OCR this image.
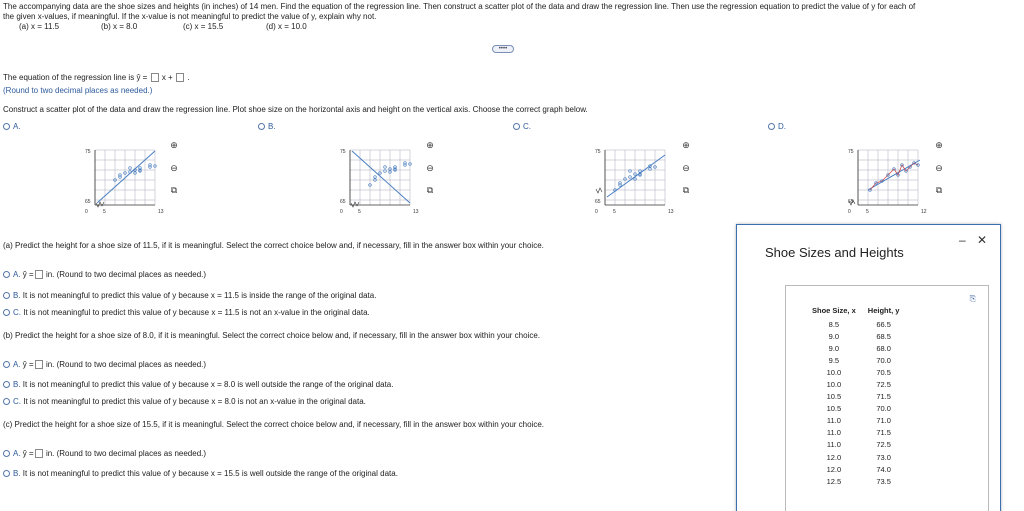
The accompanying data are the shoe sizes and heights (in inches) of 14 men. Find the equation of the regression line. Then construct a scatter plot of the data and draw the regression line. Then use the regression equation to predict the value of y for each of
the given x-values, if meaningful. If the x-value is not meaningful to predict the value of y, explain why not.
(a) x = 11.5	(b) x = 8.0	(c) x = 15.5	(d) x = 10.0
••••
The equation of the regression line is ŷ = x + .
(Round to two decimal places as needed.)
Construct a scatter plot of the data and draw the regression line. Plot shoe size on the horizontal axis and height on the vertical axis. Choose the correct graph below.
A.	B.	C.	D.
75
65
0	5	13
⊕
⊖
⧉
75
65
0	5	13
⊕
⊖
⧉
75
65
0	5	13
⊕
⊖
⧉
75
65
0	5	12
⊕
⊖
⧉
(a) Predict the height for a shoe size of 11.5, if it is meaningful. Select the correct choice below and, if necessary, fill in the answer box within your choice.
A. ŷ = in. (Round to two decimal places as needed.)
B. It is not meaningful to predict this value of y because x = 11.5 is inside the range of the original data.
C. It is not meaningful to predict this value of y because x = 11.5 is not an x-value in the original data.
(b) Predict the height for a shoe size of 8.0, if it is meaningful. Select the correct choice below and, if necessary, fill in the answer box within your choice.
A. ŷ = in. (Round to two decimal places as needed.)
B. It is not meaningful to predict this value of y because x = 8.0 is well outside the range of the original data.
C. It is not meaningful to predict this value of y because x = 8.0 is not an x-value in the original data.
(c) Predict the height for a shoe size of 15.5, if it is meaningful. Select the correct choice below and, if necessary, fill in the answer box within your choice.
A. ŷ = in. (Round to two decimal places as needed.)
B. It is not meaningful to predict this value of y because x = 15.5 is well outside the range of the original data.
Shoe Sizes and Heights
– ✕
⎘
Shoe Size, x	Height, y
8.5	66.5
9.0	68.5
9.0	68.0
9.5	70.0
10.0	70.5
10.0	72.5
10.5	71.5
10.5	70.0
11.0	71.0
11.0	71.5
11.0	72.5
12.0	73.0
12.0	74.0
12.5	73.5
